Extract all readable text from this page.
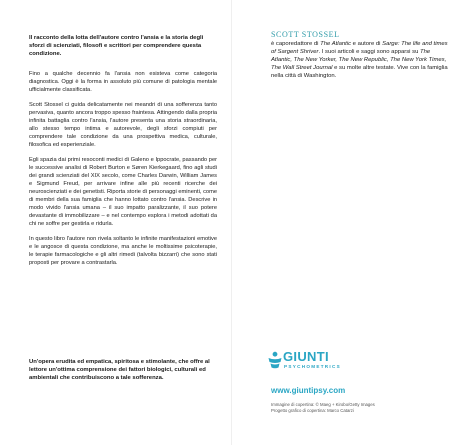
Il racconto della lotta dell'autore contro l'ansia e la storia degli sforzi di scienziati, filosofi e scrittori per comprendere questa condizione.

Fino a qualche decennio fa l'ansia non esisteva come categoria diagnostica. Oggi è la forma in assoluto più comune di patologia mentale ufficialmente classificata.

Scott Stossel ci guida delicatamente nei meandri di una sofferenza tanto pervasiva, quanto ancora troppo spesso fraintesa. Attingendo dalla propria infinita battaglia contro l'ansia, l'autore presenta una storia straordinaria, allo stesso tempo intima e autorevole, degli sforzi compiuti per comprendere tale condizione da una prospettiva medica, culturale, filosofica ed esperienziale.

Egli spazia dai primi resoconti medici di Galeno e Ippocrate, passando per le successive analisi di Robert Burton e Søren Kierkegaard, fino agli studi dei grandi scienziati del XIX secolo, come Charles Darwin, William James e Sigmund Freud, per arrivare infine alle più recenti ricerche dei neuroscienziati e dei genetisti. Riporta storie di personaggi eminenti, come di membri della sua famiglia che hanno lottato contro l'ansia. Descrive in modo vivido l'ansia umana – il suo impatto paralizzante, il suo potere devastante di immobilizzare – e nel contempo esplora i metodi adottati da chi ne soffre per gestirla e ridurla.

In questo libro l'autore non rivela soltanto le infinite manifestazioni emotive e le angosce di questa condizione, ma anche le moltissime psicoterapie, le terapie farmacologiche e gli altri rimedi (talvolta bizzarri) che sono stati proposti per provare a contrastarla.

Un'opera erudita ed empatica, spiritosa e stimolante, che offre al lettore un'ottima comprensione dei fattori biologici, culturali ed ambientali che contribuiscono a tale sofferenza.

SCOTT STOSSEL

è caporedattore di The Atlantic e autore di Sarge: The life and times of Sargent Shriver. I suoi articoli e saggi sono apparsi su The Atlantic, The New Yorker, The New Republic, The New York Times, The Wall Street Journal e su molte altre testate. Vive con la famiglia nella città di Washington.

GIUNTI
PSYCHOMETRICS

www.giuntipsy.com

Immagine di copertina: © Maeg + Kirobo/Getty Images
Progetto grafico di copertina: Marco Catarzi
